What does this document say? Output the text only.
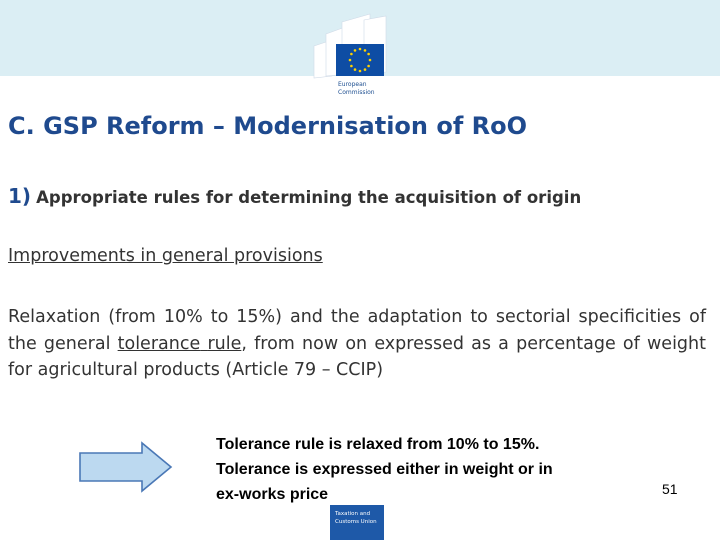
European
Commission
C. GSP Reform – Modernisation of RoO
1) Appropriate rules for determining the acquisition of origin
Improvements in general provisions

Relaxation (from 10% to 15%) and the adaptation to sectorial specificities of the general tolerance rule, from now on expressed as a percentage of weight for agricultural products (Article 79 – CCIP)

Tolerance rule is relaxed from 10% to 15%.
Tolerance is expressed either in weight or in
ex-works price	51
Taxation and
Customs Union
